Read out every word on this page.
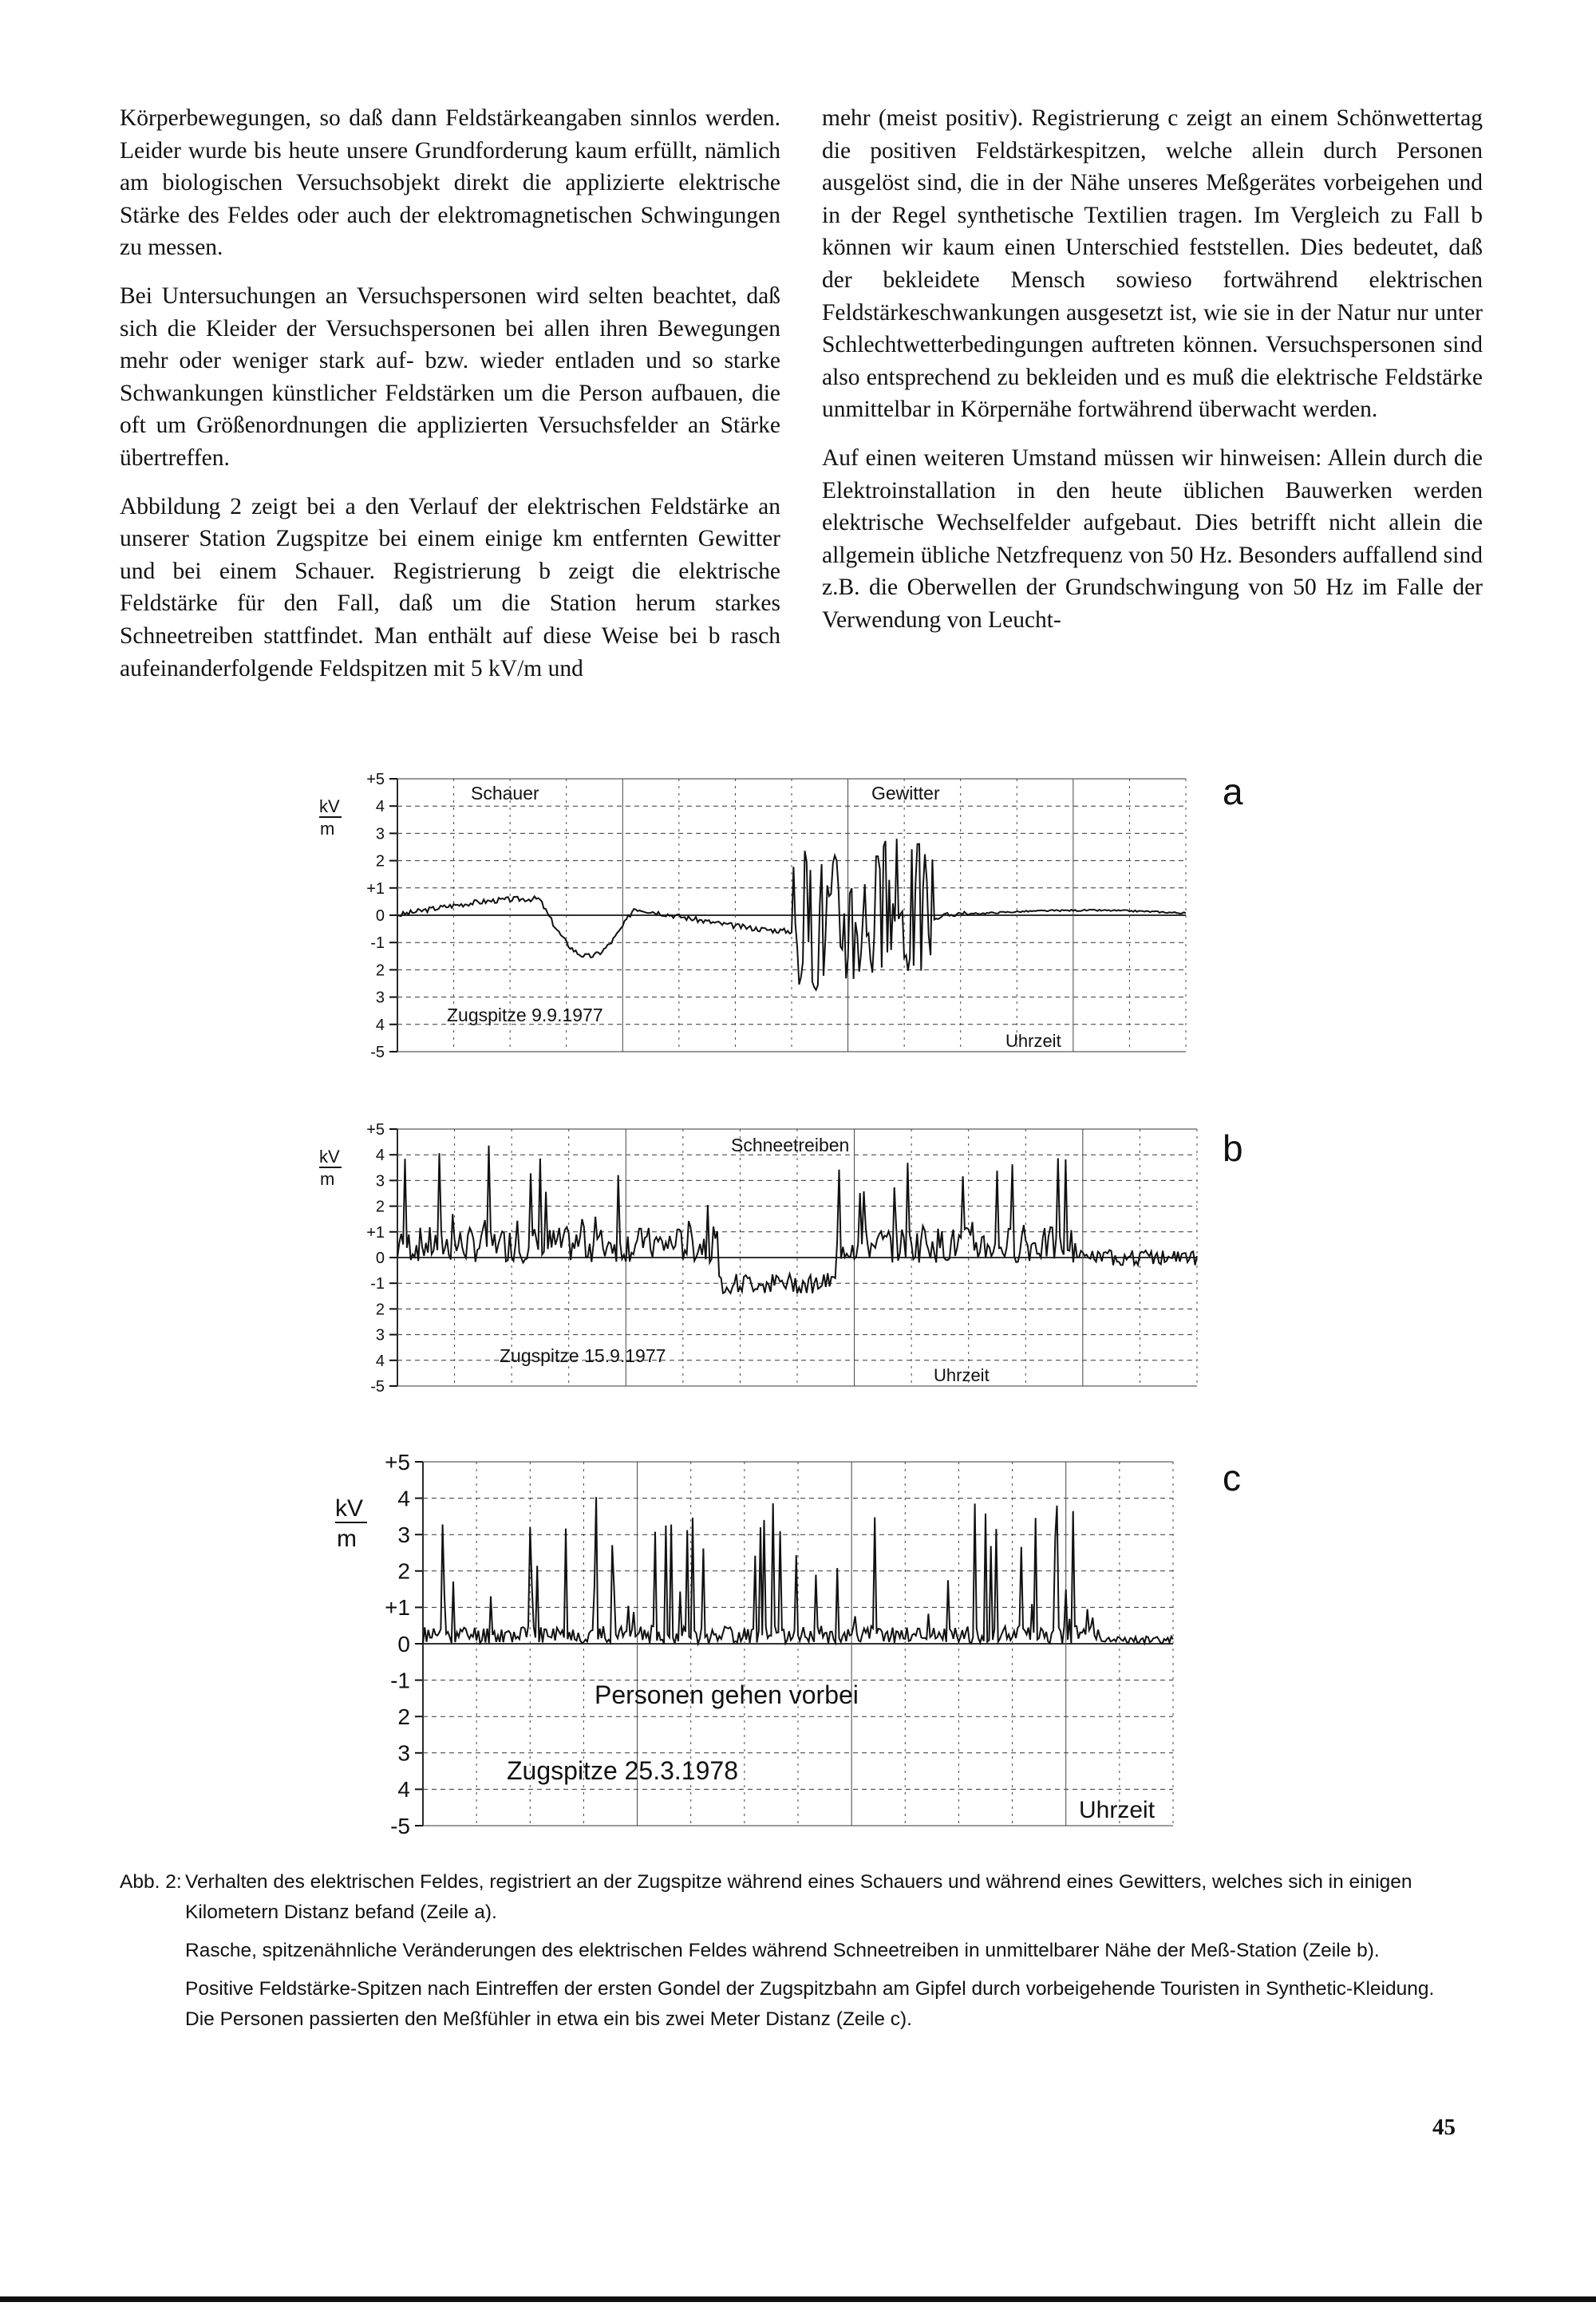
Körperbewegungen, so daß dann Feldstärkeangaben sinnlos werden. Leider wurde bis heute unsere Grundforderung kaum erfüllt, nämlich am biologischen Versuchsobjekt direkt die applizierte elektrische Stärke des Feldes oder auch der elektromagnetischen Schwingungen zu messen.

Bei Untersuchungen an Versuchspersonen wird selten beachtet, daß sich die Kleider der Versuchspersonen bei allen ihren Bewegungen mehr oder weniger stark auf- bzw. wieder entladen und so starke Schwankungen künstlicher Feldstärken um die Person aufbauen, die oft um Größenordnungen die applizierten Versuchsfelder an Stärke übertreffen.

Abbildung 2 zeigt bei a den Verlauf der elektrischen Feldstärke an unserer Station Zugspitze bei einem einige km entfernten Gewitter und bei einem Schauer. Registrierung b zeigt die elektrische Feldstärke für den Fall, daß um die Station herum starkes Schneetreiben stattfindet. Man enthält auf diese Weise bei b rasch aufeinanderfolgende Feldspitzen mit 5 kV/m und

mehr (meist positiv). Registrierung c zeigt an einem Schönwettertag die positiven Feldstärkespitzen, welche allein durch Personen ausgelöst sind, die in der Nähe unseres Meßgerätes vorbeigehen und in der Regel synthetische Textilien tragen. Im Vergleich zu Fall b können wir kaum einen Unterschied feststellen. Dies bedeutet, daß der bekleidete Mensch sowieso fortwährend elektrischen Feldstärkeschwankungen ausgesetzt ist, wie sie in der Natur nur unter Schlechtwetterbedingungen auftreten können. Versuchspersonen sind also entsprechend zu bekleiden und es muß die elektrische Feldstärke unmittelbar in Körpernähe fortwährend überwacht werden.

Auf einen weiteren Umstand müssen wir hinweisen: Allein durch die Elektroinstallation in den heute üblichen Bauwerken werden elektrische Wechselfelder aufgebaut. Dies betrifft nicht allein die allgemein übliche Netzfrequenz von 50 Hz. Besonders auffallend sind z.B. die Oberwellen der Grundschwingung von 50 Hz im Falle der Verwendung von Leucht-

+5
4
3
2
+1
0
-1
2
3
4
-5
kV
m
Schauer	Gewitter
Zugspitze 9.9.1977
Uhrzeit
a
+5
4
3
2
+1
0
-1
2
3
4
-5
kV
m
Schneetreiben
Zugspitze 15.9.1977
Uhrzeit
b
+5
4
3
2
+1
0
-1
2
3
4
-5
kV
m
Personen gehen vorbei
Zugspitze 25.3.1978
Uhrzeit
c
Abb. 2: Verhalten des elektrischen Feldes, registriert an der Zugspitze während eines Schauers und während eines Gewitters, welches sich in einigen Kilometern Distanz befand (Zeile a).

Rasche, spitzenähnliche Veränderungen des elektrischen Feldes während Schneetreiben in unmittelbarer Nähe der Meß-Station (Zeile b).

Positive Feldstärke-Spitzen nach Eintreffen der ersten Gondel der Zugspitzbahn am Gipfel durch vorbeigehende Touristen in Synthetic-Kleidung. Die Personen passierten den Meßfühler in etwa ein bis zwei Meter Distanz (Zeile c).

45
